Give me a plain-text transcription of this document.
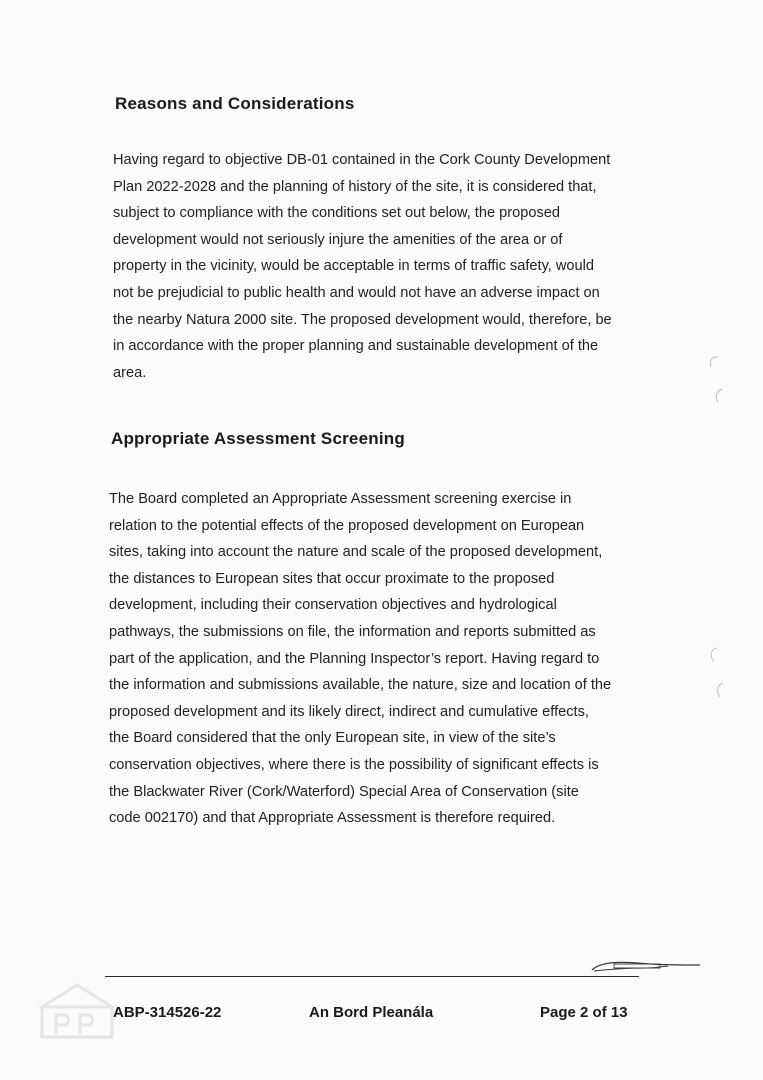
Reasons and Considerations
Having regard to objective DB-01 contained in the Cork County Development
Plan 2022-2028 and the planning of history of the site, it is considered that,
subject to compliance with the conditions set out below, the proposed
development would not seriously injure the amenities of the area or of
property in the vicinity, would be acceptable in terms of traffic safety, would
not be prejudicial to public health and would not have an adverse impact on
the nearby Natura 2000 site. The proposed development would, therefore, be
in accordance with the proper planning and sustainable development of the
area.
Appropriate Assessment Screening
The Board completed an Appropriate Assessment screening exercise in
relation to the potential effects of the proposed development on European
sites, taking into account the nature and scale of the proposed development,
the distances to European sites that occur proximate to the proposed
development, including their conservation objectives and hydrological
pathways, the submissions on file, the information and reports submitted as
part of the application, and the Planning Inspector’s report. Having regard to
the information and submissions available, the nature, size and location of the
proposed development and its likely direct, indirect and cumulative effects,
the Board considered that the only European site, in view of the site’s
conservation objectives, where there is the possibility of significant effects is
the Blackwater River (Cork/Waterford) Special Area of Conservation (site
code 002170) and that Appropriate Assessment is therefore required.
ABP-314526-22	An Bord Pleanála	Page 2 of 13
